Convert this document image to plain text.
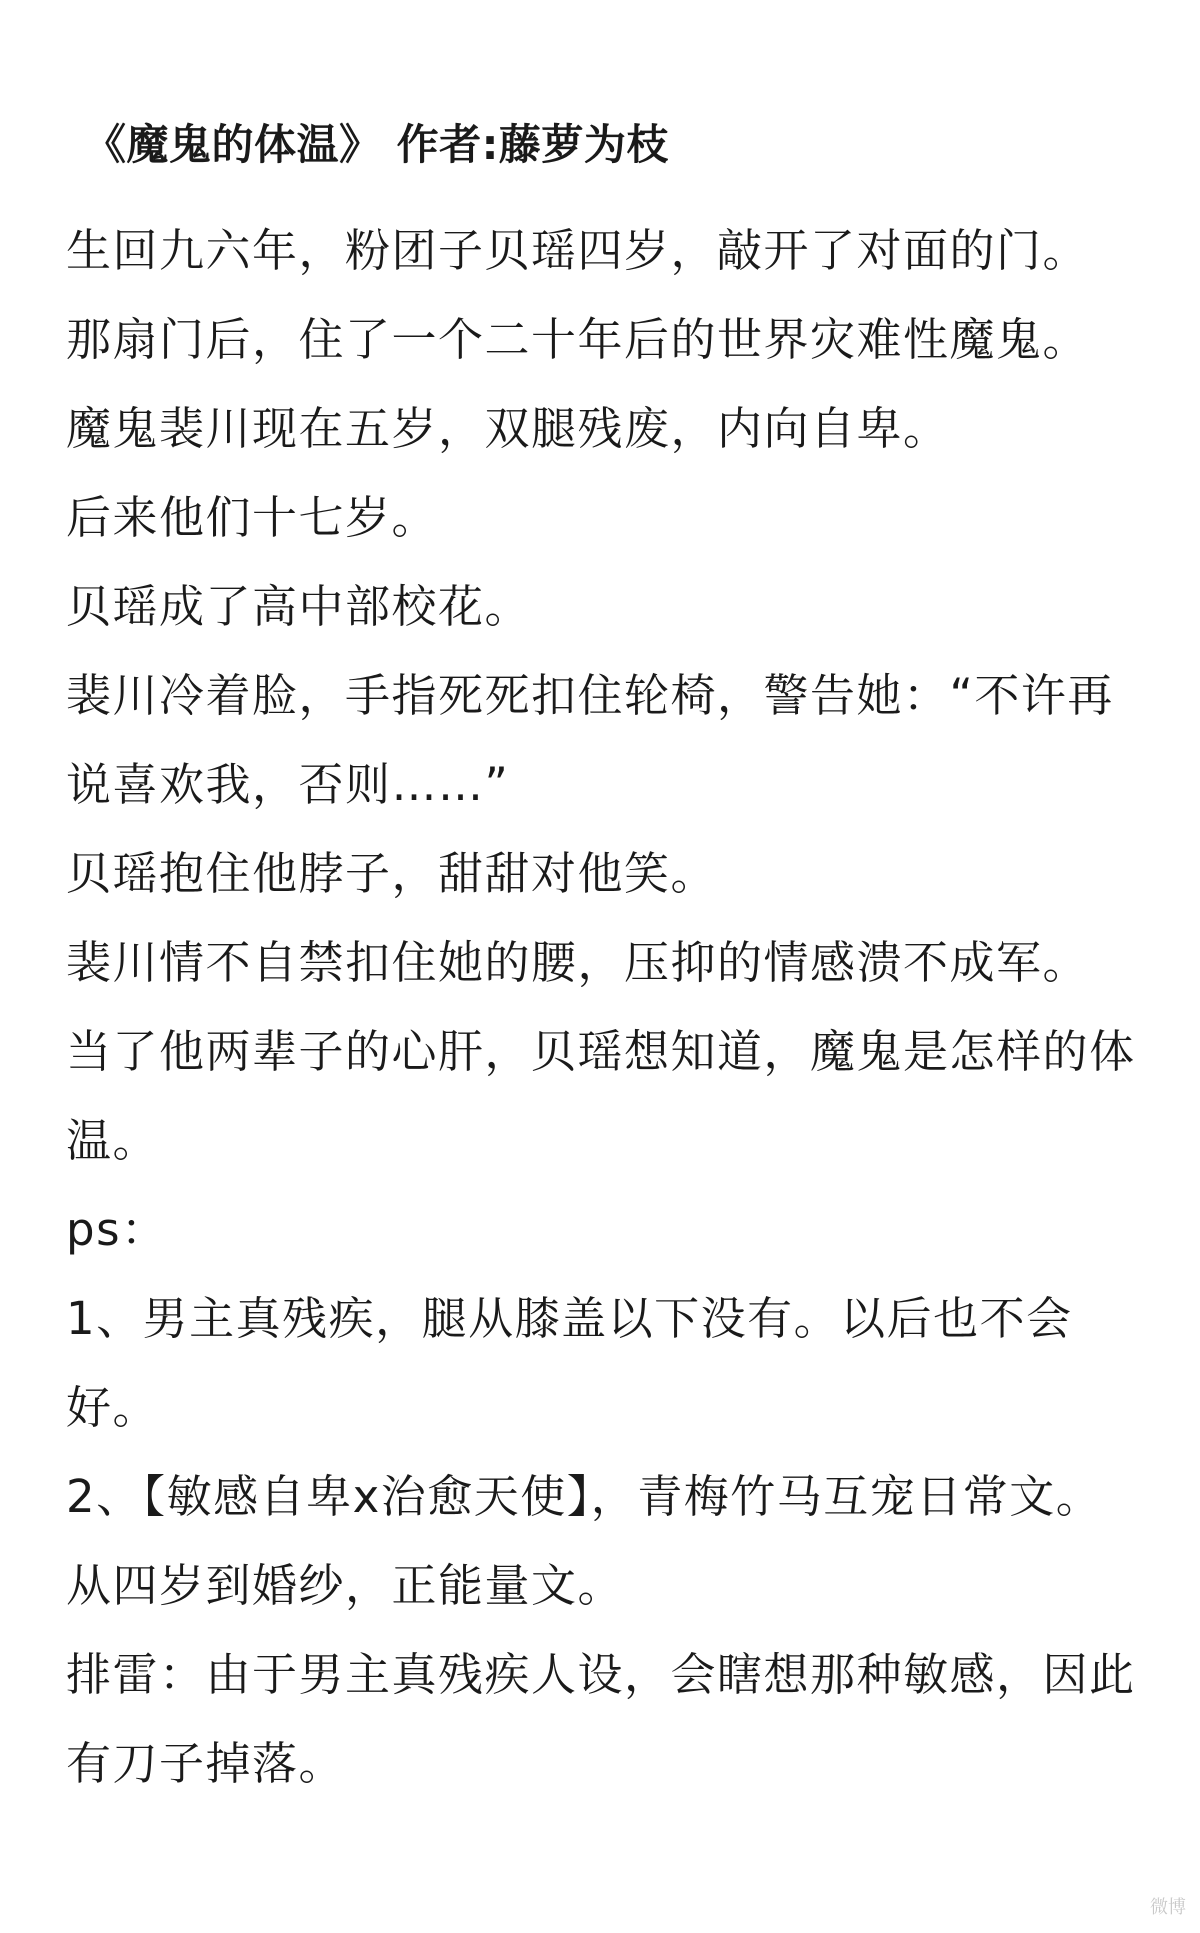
《魔鬼的体温》 作者:藤萝为枝

生回九六年，粉团子贝瑶四岁，敲开了对面的门。

那扇门后，住了一个二十年后的世界灾难性魔鬼。

魔鬼裴川现在五岁，双腿残废，内向自卑。

后来他们十七岁。

贝瑶成了高中部校花。

裴川冷着脸，手指死死扣住轮椅，警告她：“不许再说喜欢我，否则……”

贝瑶抱住他脖子，甜甜对他笑。

裴川情不自禁扣住她的腰，压抑的情感溃不成军。

当了他两辈子的心肝，贝瑶想知道，魔鬼是怎样的体温。

ps：

1、男主真残疾，腿从膝盖以下没有。以后也不会好。

2、【敏感自卑x治愈天使】，青梅竹马互宠日常文。从四岁到婚纱，正能量文。

排雷：由于男主真残疾人设，会瞎想那种敏感，因此有刀子掉落。

微博
